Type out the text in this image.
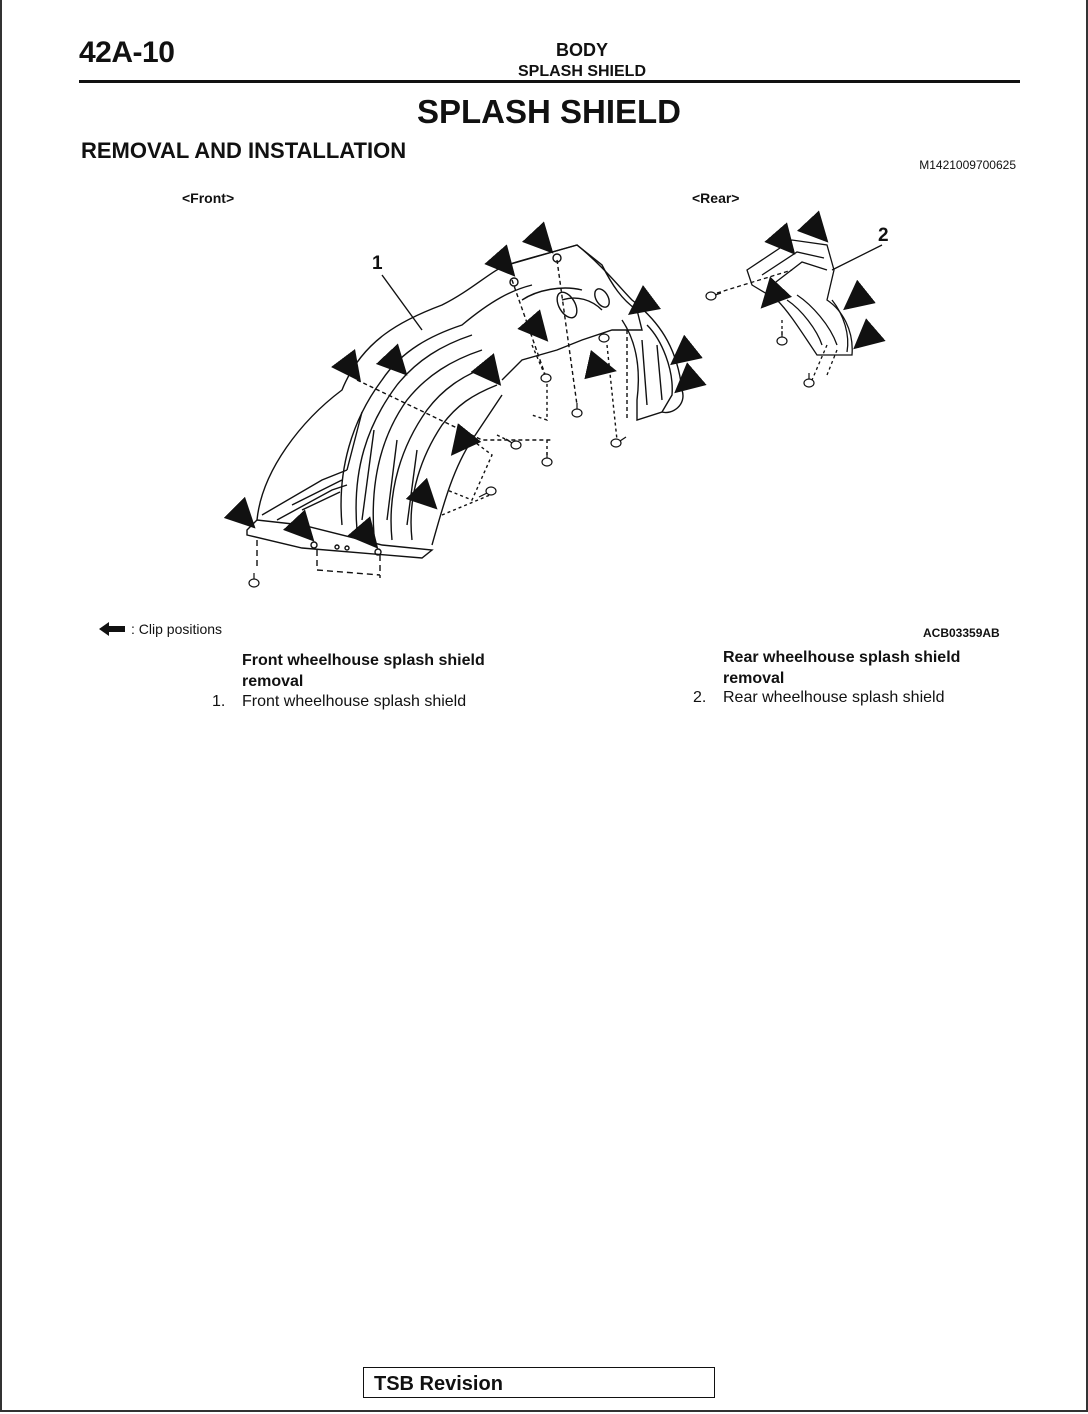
42A-10	BODY
SPLASH SHIELD
SPLASH SHIELD
REMOVAL AND INSTALLATION
M1421009700625
<Front>	<Rear>
1
2
: Clip positions	ACB03359AB
Front wheelhouse splash shield removal
1. Front wheelhouse splash shield
Rear wheelhouse splash shield removal
2. Rear wheelhouse splash shield
TSB Revision
